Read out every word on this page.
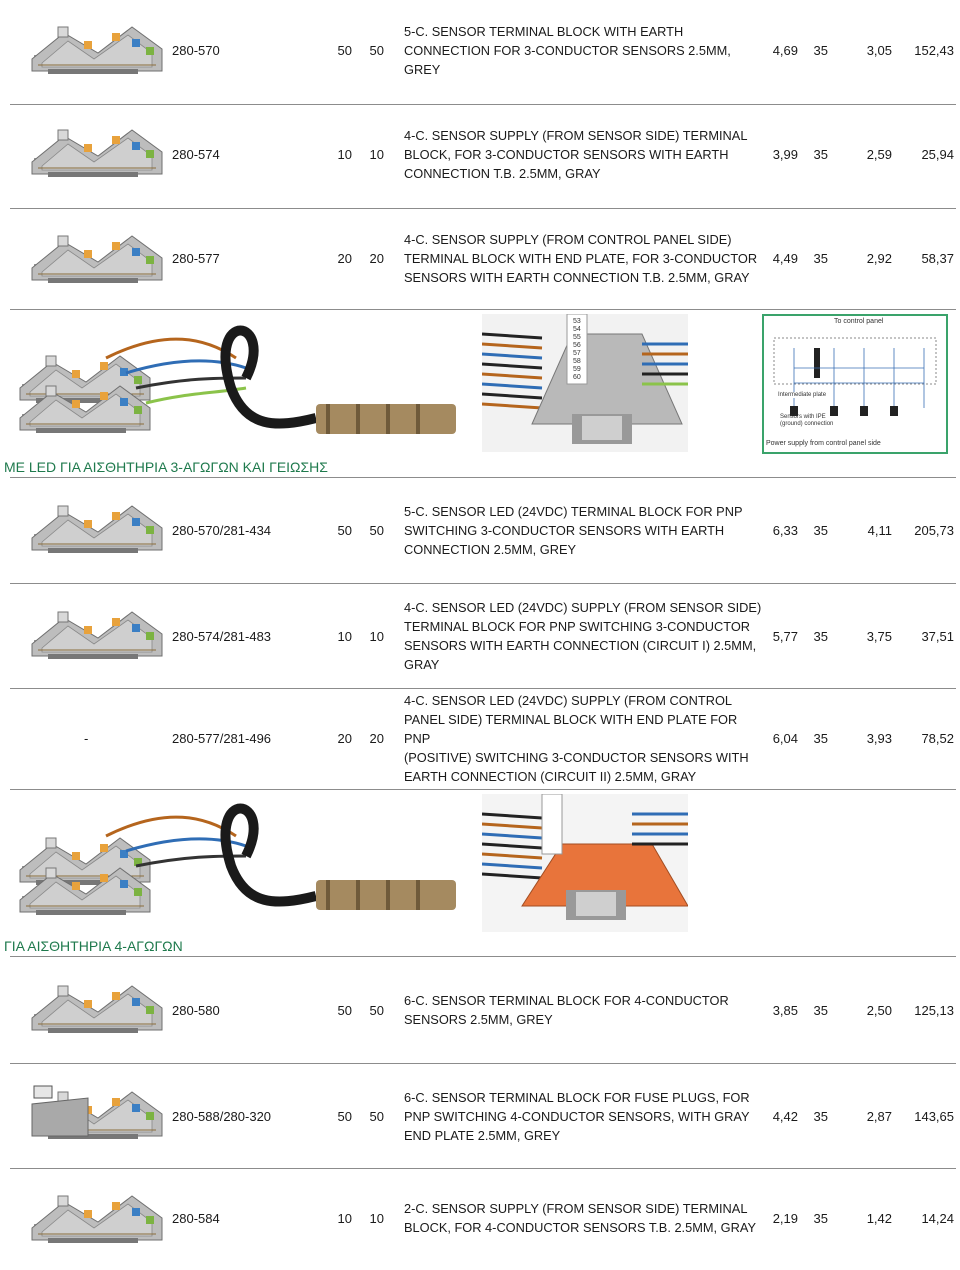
280-570	50 50
5-C. SENSOR TERMINAL BLOCK WITH EARTH
CONNECTION FOR 3-CONDUCTOR SENSORS 2.5MM,
GREY
4,69	35	3,05	152,43
280-574	10 10
4-C. SENSOR SUPPLY (FROM SENSOR SIDE) TERMINAL
BLOCK, FOR 3-CONDUCTOR SENSORS WITH EARTH
CONNECTION T.B. 2.5MM, GRAY
3,99	35	2,59	25,94
280-577	20 20
4-C. SENSOR SUPPLY (FROM CONTROL PANEL SIDE)
TERMINAL BLOCK WITH END PLATE, FOR 3-CONDUCTOR
SENSORS WITH EARTH CONNECTION T.B. 2.5MM, GRAY
4,49	35	2,92	58,37
53
54
55
56
57
58
59
60
To control panel
Intermediate plate
Sensors with IPE
(ground) connection
Power supply from control panel side
ΜΕ LED ΓΙΑ ΑΙΣΘΗΤΗΡΙΑ 3-ΑΓΩΓΩΝ ΚΑΙ ΓΕΙΩΣΗΣ
280-570/281-434	50 50
5-C. SENSOR LED (24VDC) TERMINAL BLOCK FOR PNP
SWITCHING 3-CONDUCTOR SENSORS WITH EARTH
CONNECTION 2.5MM, GREY
6,33	35	4,11	205,73
280-574/281-483	10 10
4-C. SENSOR LED (24VDC) SUPPLY (FROM SENSOR SIDE)
TERMINAL BLOCK FOR PNP SWITCHING 3-CONDUCTOR
SENSORS WITH EARTH CONNECTION (CIRCUIT I) 2.5MM,
GRAY
5,77	35	3,75	37,51
-	280-577/281-496	20 20
4-C. SENSOR LED (24VDC) SUPPLY (FROM CONTROL
PANEL SIDE) TERMINAL BLOCK WITH END PLATE FOR PNP
(POSITIVE) SWITCHING 3-CONDUCTOR SENSORS WITH
EARTH CONNECTION (CIRCUIT II) 2.5MM, GRAY
6,04	35	3,93	78,52
ΓΙΑ ΑΙΣΘΗΤΗΡΙΑ 4-ΑΓΩΓΩΝ
280-580	50 50
6-C. SENSOR TERMINAL BLOCK FOR 4-CONDUCTOR
SENSORS 2.5MM, GREY
3,85	35	2,50	125,13
280-588/280-320	50 50
6-C. SENSOR TERMINAL BLOCK FOR FUSE PLUGS, FOR
PNP SWITCHING 4-CONDUCTOR SENSORS, WITH GRAY
END PLATE 2.5MM, GREY
4,42	35	2,87	143,65
280-584	10 10
2-C. SENSOR SUPPLY (FROM SENSOR SIDE) TERMINAL
BLOCK, FOR 4-CONDUCTOR SENSORS T.B. 2.5MM, GRAY
2,19	35	1,42	14,24
